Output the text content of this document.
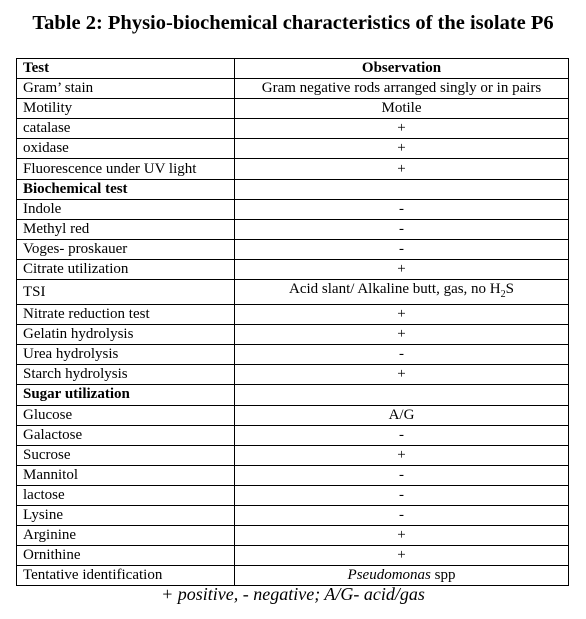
Table 2: Physio-biochemical characteristics of the isolate P6
Test	Observation
Gram’ stain	Gram negative rods arranged singly or in pairs
Motility	Motile
catalase	+
oxidase	+
Fluorescence under UV light	+
Biochemical test	
Indole	-
Methyl red	-
Voges- proskauer	-
Citrate utilization	+
TSI	Acid slant/ Alkaline butt, gas, no $H_2S$
Nitrate reduction test	+
Gelatin hydrolysis	+
Urea hydrolysis	-
Starch hydrolysis	+
Sugar utilization	
Glucose	A/G
Galactose	-
Sucrose	+
Mannitol	-
lactose	-
Lysine	-
Arginine	+
Ornithine	+
Tentative identification	Pseudomonas spp
+ positive, - negative; A/G- acid/gas
